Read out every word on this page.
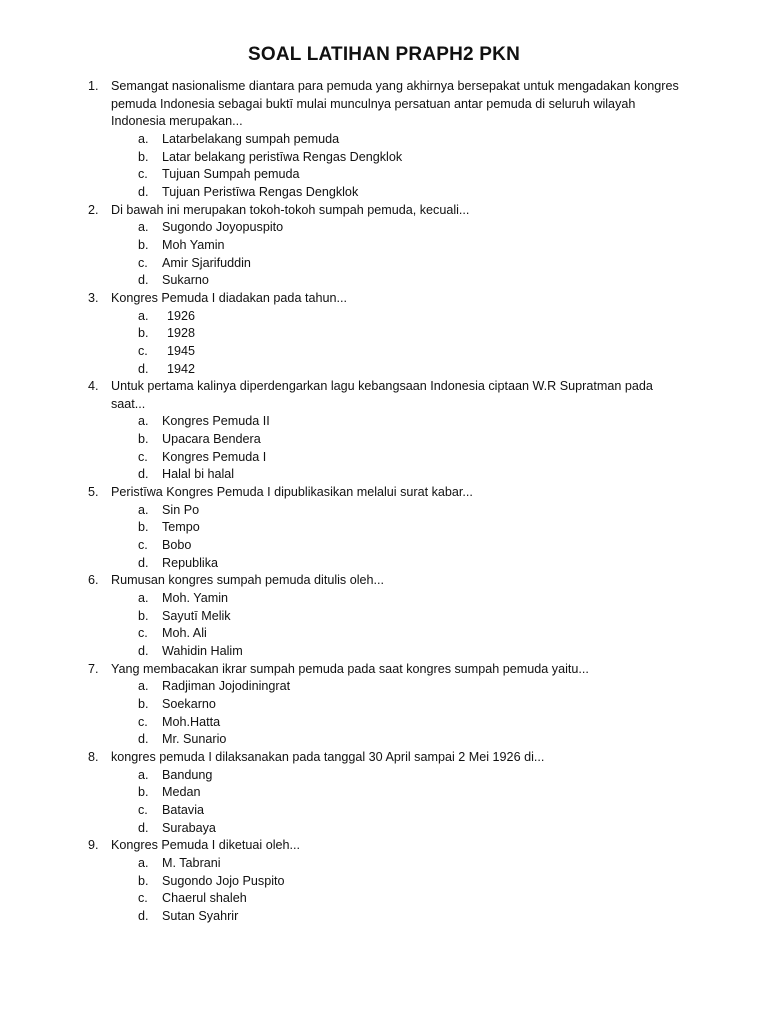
SOAL LATIHAN PRAPH2 PKN
1. Semangat nasionalisme diantara para pemuda yang akhirnya bersepakat untuk mengadakan kongres pemuda Indonesia sebagai buktī mulai munculnya persatuan antar pemuda di seluruh wilayah Indonesia merupakan...
a. Latarbelakang sumpah pemuda
b. Latar belakang peristīwa Rengas Dengklok
c. Tujuan Sumpah pemuda
d. Tujuan Peristīwa Rengas Dengklok
2. Di bawah ini merupakan tokoh-tokoh sumpah pemuda, kecuali...
a. Sugondo Joyopuspito
b. Moh Yamin
c. Amir Sjarifuddin
d. Sukarno
3. Kongres Pemuda I diadakan pada tahun...
a. 1926
b. 1928
c. 1945
d. 1942
4. Untuk pertama kalinya diperdengarkan lagu kebangsaan Indonesia ciptaan W.R Supratman pada saat...
a. Kongres Pemuda II
b. Upacara Bendera
c. Kongres Pemuda I
d. Halal bi halal
5. Peristīwa Kongres Pemuda I dipublikasikan melalui surat kabar...
a. Sin Po
b. Tempo
c. Bobo
d. Republika
6. Rumusan kongres sumpah pemuda ditulis oleh...
a. Moh. Yamin
b. Sayutī Melik
c. Moh. Ali
d. Wahidin Halim
7. Yang membacakan ikrar sumpah pemuda pada saat kongres sumpah pemuda yaitu...
a. Radjiman Jojodiningrat
b. Soekarno
c. Moh.Hatta
d. Mr. Sunario
8. kongres pemuda I dilaksanakan pada tanggal 30 April sampai 2 Mei 1926 di...
a. Bandung
b. Medan
c. Batavia
d. Surabaya
9. Kongres Pemuda I diketuai oleh...
a. M. Tabrani
b. Sugondo Jojo Puspito
c. Chaerul shaleh
d. Sutan Syahrir
